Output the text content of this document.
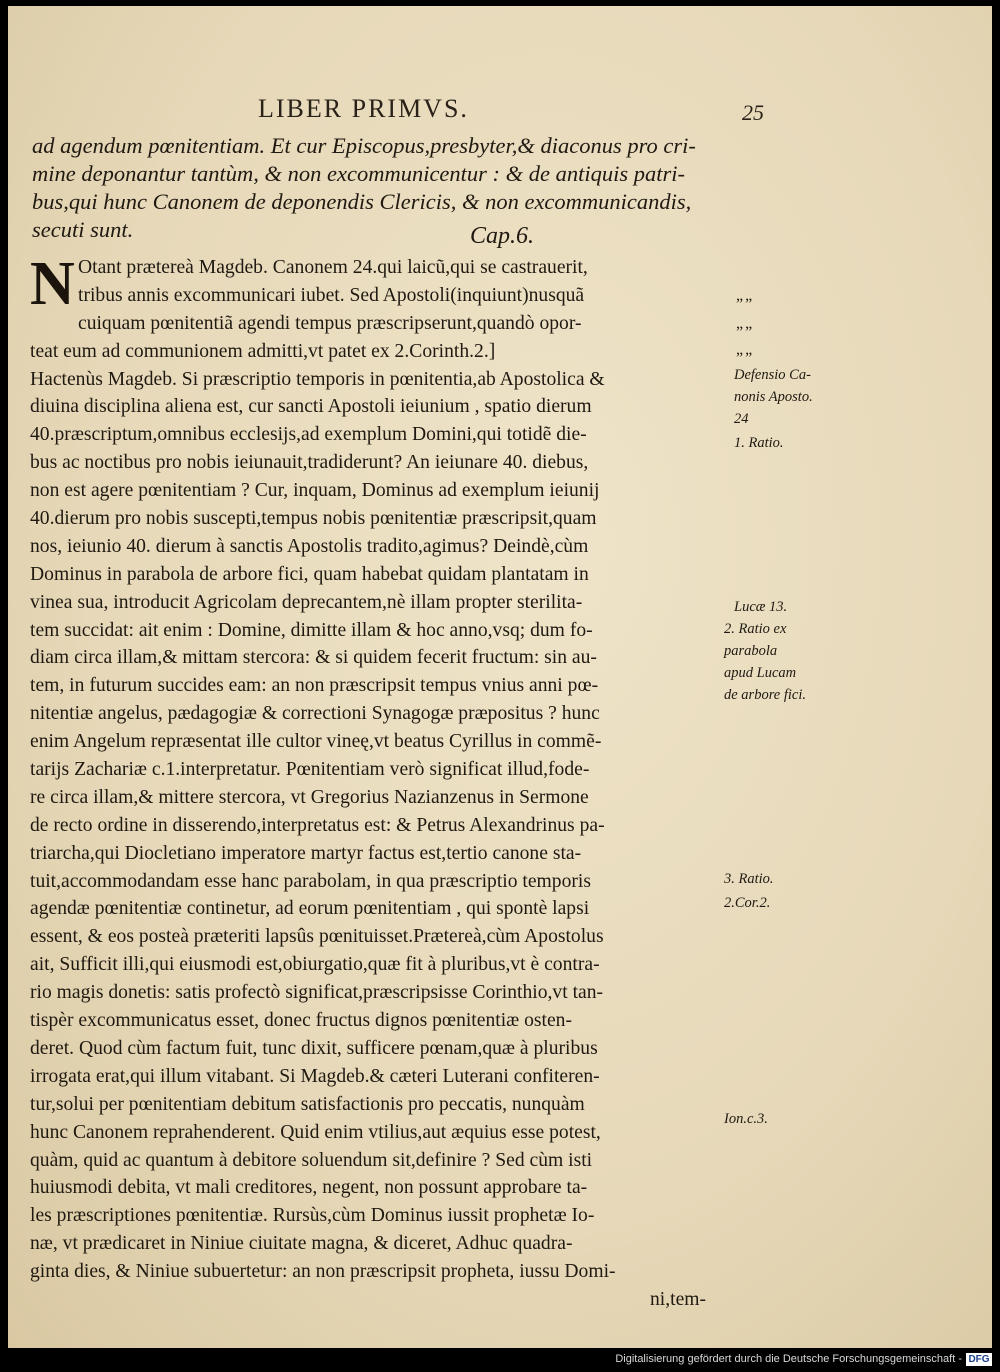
LIBER PRIMVS.	25
ad agendum pœnitentiam. Et cur Episcopus,presbyter,& diaconus pro cri-
mine deponantur tantùm, & non excommunicentur : & de antiquis patri-
bus,qui hunc Canonem de deponendis Clericis, & non excommunicandis,
secuti sunt.	Cap.6.
N Otant prætereà Magdeb. Canonem 24.qui laicũ,qui se castrauerit,
tribus annis excommunicari iubet. Sed Apostoli(inquiunt)nusquã
cuiquam pœnitentiã agendi tempus præscripserunt,quandò opor-
teat eum ad communionem admitti,vt patet ex 2.Corinth.2.]
Hactenùs Magdeb. Si præscriptio temporis in pœnitentia,ab Apostolica &
diuina disciplina aliena est, cur sancti Apostoli ieiunium , spatio dierum
40.præscriptum,omnibus ecclesijs,ad exemplum Domini,qui totidẽ die-
bus ac noctibus pro nobis ieiunauit,tradiderunt? An ieiunare 40. diebus,
non est agere pœnitentiam ? Cur, inquam, Dominus ad exemplum ieiunij
40.dierum pro nobis suscepti,tempus nobis pœnitentiæ præscripsit,quam
nos, ieiunio 40. dierum à sanctis Apostolis tradito,agimus? Deindè,cùm
Dominus in parabola de arbore fici, quam habebat quidam plantatam in
vinea sua, introducit Agricolam deprecantem,nè illam propter sterilita-
tem succidat: ait enim : Domine, dimitte illam & hoc anno,vsq; dum fo-
diam circa illam,& mittam stercora: & si quidem fecerit fructum: sin au-
tem, in futurum succides eam: an non præscripsit tempus vnius anni pœ-
nitentiæ angelus, pædagogiæ & correctioni Synagogæ præpositus ? hunc
enim Angelum repræsentat ille cultor vineę,vt beatus Cyrillus in commẽ-
tarijs Zachariæ c.1.interpretatur. Pœnitentiam verò significat illud,fode-
re circa illam,& mittere stercora, vt Gregorius Nazianzenus in Sermone
de recto ordine in disserendo,interpretatus est: & Petrus Alexandrinus pa-
triarcha,qui Diocletiano imperatore martyr factus est,tertio canone sta-
tuit,accommodandam esse hanc parabolam, in qua præscriptio temporis
agendæ pœnitentiæ continetur, ad eorum pœnitentiam , qui spontè lapsi
essent, & eos posteà præteriti lapsûs pœnituisset.Prætereà,cùm Apostolus
ait, Sufficit illi,qui eiusmodi est,obiurgatio,quæ fit à pluribus,vt è contra-
rio magis donetis: satis profectò significat,præscripsisse Corinthio,vt tan-
tispèr excommunicatus esset, donec fructus dignos pœnitentiæ osten-
deret. Quod cùm factum fuit, tunc dixit, sufficere pœnam,quæ à pluribus
irrogata erat,qui illum vitabant. Si Magdeb.& cæteri Luterani confiteren-
tur,solui per pœnitentiam debitum satisfactionis pro peccatis, nunquàm
hunc Canonem reprahenderent. Quid enim vtilius,aut æquius esse potest,
quàm, quid ac quantum à debitore soluendum sit,definire ? Sed cùm isti
huiusmodi debita, vt mali creditores, negent, non possunt approbare ta-
les præscriptiones pœnitentiæ. Rursùs,cùm Dominus iussit prophetæ Io-
næ, vt prædicaret in Niniue ciuitate magna, & diceret, Adhuc quadra-
ginta dies, & Niniue subuertetur: an non præscripsit propheta, iussu Domi-
ni,tem-
””
””
””
Defensio Ca-
nonis Aposto.
24
1. Ratio.
Lucæ 13.
2. Ratio ex
parabola
apud Lucam
de arbore fici.
3. Ratio.
2.Cor.2.
Ion.c.3.
Digitalisierung gefördert durch die Deutsche Forschungsgemeinschaft - DFG
